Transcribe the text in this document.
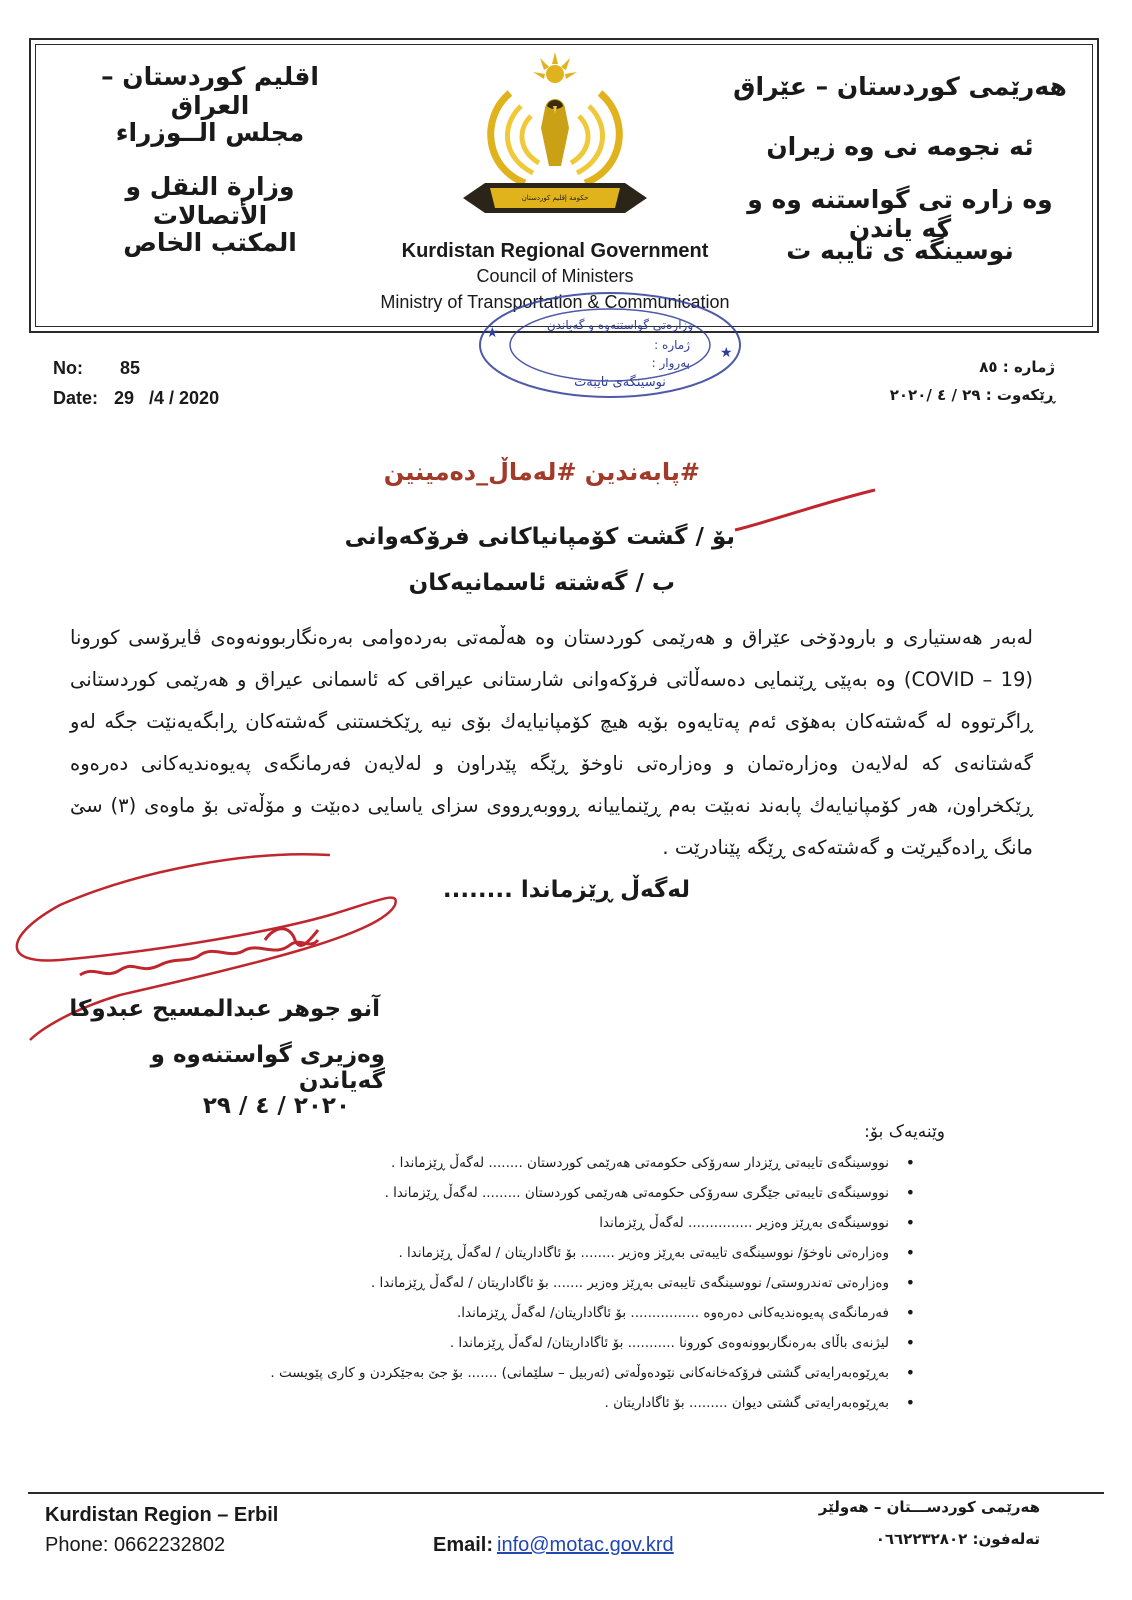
اقليم كوردستان – العراق
مجلس الــوزراء
وزارة النقل و الأتصالات
المكتب الخاص
هەرێمی كوردستان – عێراق
ئه نجومه نی وه زیران
وه زاره تی گواستنه وه و گه یاندن
نوسینگه ی تایبه ت
حكومة إقليم كوردستان
Kurdistan Regional Government
Council of Ministers
Ministry of Transportation & Communication
★
★
وزارەتی گواستنەوە و گەیاندن
ژمارە :
بەروار :
نوسینگەی تایبەت
No: 85
Date: 29   /4 / 2020
ژماره : ٨٥
ڕێکەوت : ٢٩ / ٤ /٢٠٢٠
#پابەندین #لەماڵ_دەمینین
بۆ / گشت كۆمپانیاكانی فرۆكەوانی
ب / گەشتە ئاسمانیەكان
لەبەر هەستیاری و بارودۆخی عێراق و هەرێمی كوردستان وە هەڵمەتی بەردەوامی بەرەنگاربوونەوەی ڤایرۆسی كورونا (COVID – 19) وە بەپێی ڕێنمایی دەسەڵاتی فرۆكەوانی شارستانی عیراقی كە ئاسمانی عیراق و هەرێمی كوردستانی ڕاگرتووە لە گەشتەكان بەهۆی ئەم پەتایەوە بۆیە هیچ كۆمپانیایەك بۆی نیە ڕێكخستنی گەشتەكان ڕابگەیەنێت جگە لەو گەشتانەی كە لەلایەن وەزارەتمان و وەزارەتی ناوخۆ ڕێگە پێدراون و لەلایەن فەرمانگەی پەیوەندیەكانی دەرەوە ڕێكخراون، هەر كۆمپانیایەك پابەند نەبێت بەم ڕێنماییانە ڕووبەڕووی سزای یاسایی دەبێت و مۆڵەتی بۆ ماوەی (٣) سێ مانگ ڕادەگیرێت و گەشتەكەی ڕێگە پێنادرێت .
لەگەڵ ڕێزماندا ........
آنو جوهر عبدالمسیح عبدوكا
وەزیری گواستنەوە و گەیاندن
٢٠٢٠ / ٤ / ٢٩
وێنەیەک بۆ:
• نووسینگەی تایبەتی ڕێزدار سەرۆکی حکومەتی هەرێمی کوردستان ........ لەگەڵ ڕێزماندا .
• نووسینگەی تایبەتی جێگری سەرۆکی حکومەتی هەرێمی کوردستان ......... لەگەڵ ڕێزماندا .
• نووسینگەی بەڕێز وەزیر ............... لەگەڵ ڕێزماندا
• وەزارەتی ناوخۆ/ نووسینگەی تایبەتی بەڕێز وەزیر ........ بۆ ئاگاداریتان / لەگەڵ ڕێزماندا .
• وەزارەتی تەندروستی/ نووسینگەی تایبەتی بەڕێز وەزیر ....... بۆ ئاگاداریتان / لەگەڵ ڕێزماندا .
• فەرمانگەی پەیوەندیەکانی دەرەوە ................ بۆ ئاگاداریتان/ لەگەڵ ڕێزماندا.
• لیژنەی باڵای بەرەنگاربوونەوەی کورونا ........... بۆ ئاگاداریتان/ لەگەڵ ڕێزماندا .
• بەڕێوەبەرایەتی گشتی فرۆکەخانەکانی نێودەوڵەتی (ئەربیل – سلێمانی) ....... بۆ جێ بەجێکردن و کاری پێویست .
• بەڕێوەبەرایەتی گشتی دیوان ......... بۆ ئاگاداریتان .
Kurdistan Region – Erbil
Phone: 0662232802	Email: info@motac.gov.krd
هەرێمی كوردســـتان – هەولێر
تەلەفون: ٠٦٦٢٢٣٢٨٠٢
